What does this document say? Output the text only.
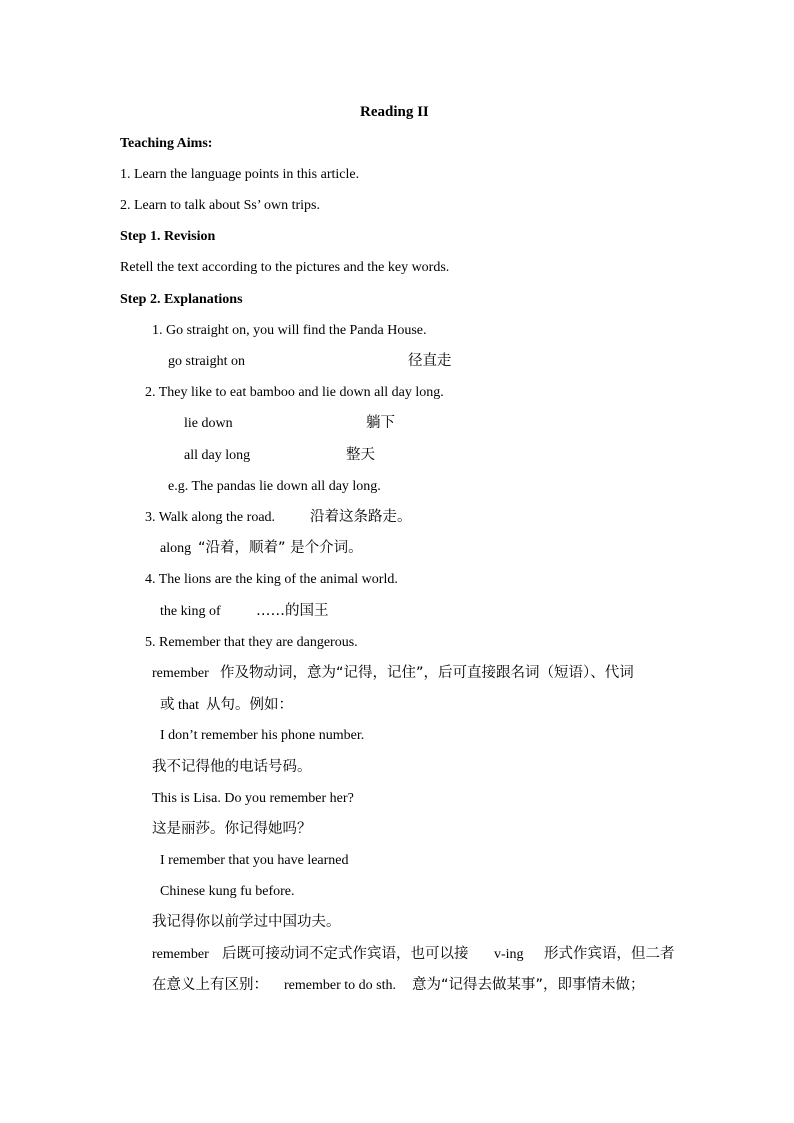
Reading II
Teaching Aims:
1. Learn the language points in this article.
2. Learn to talk about Ss’ own trips.
Step 1. Revision
Retell the text according to the pictures and the key words.
Step 2. Explanations
1. Go straight on, you will find the Panda House.
go straight on	径直走
2. They like to eat bamboo and lie down all day long.
lie down	躺下
all day long	整天
e.g. The pandas lie down all day long.
3. Walk along the road. 沿着这条路走。
along “沿着，顺着” 是个介词。
4. The lions are the king of the animal world.
the king of ……的国王
5. Remember that they are dangerous.
remember 作及物动词，意为“记得，记住”，后可直接跟名词（短语）、代词
或 that 从句。例如：
I don’t remember his phone number.
我不记得他的电话号码。
This is Lisa. Do you remember her?
这是丽莎。你记得她吗？
I remember that you have learned
Chinese kung fu before.
我记得你以前学过中国功夫。
remember 后既可接动词不定式作宾语，也可以接 v-ing 形式作宾语，但二者
在意义上有区别： remember to do sth. 意为“记得去做某事”，即事情未做；
